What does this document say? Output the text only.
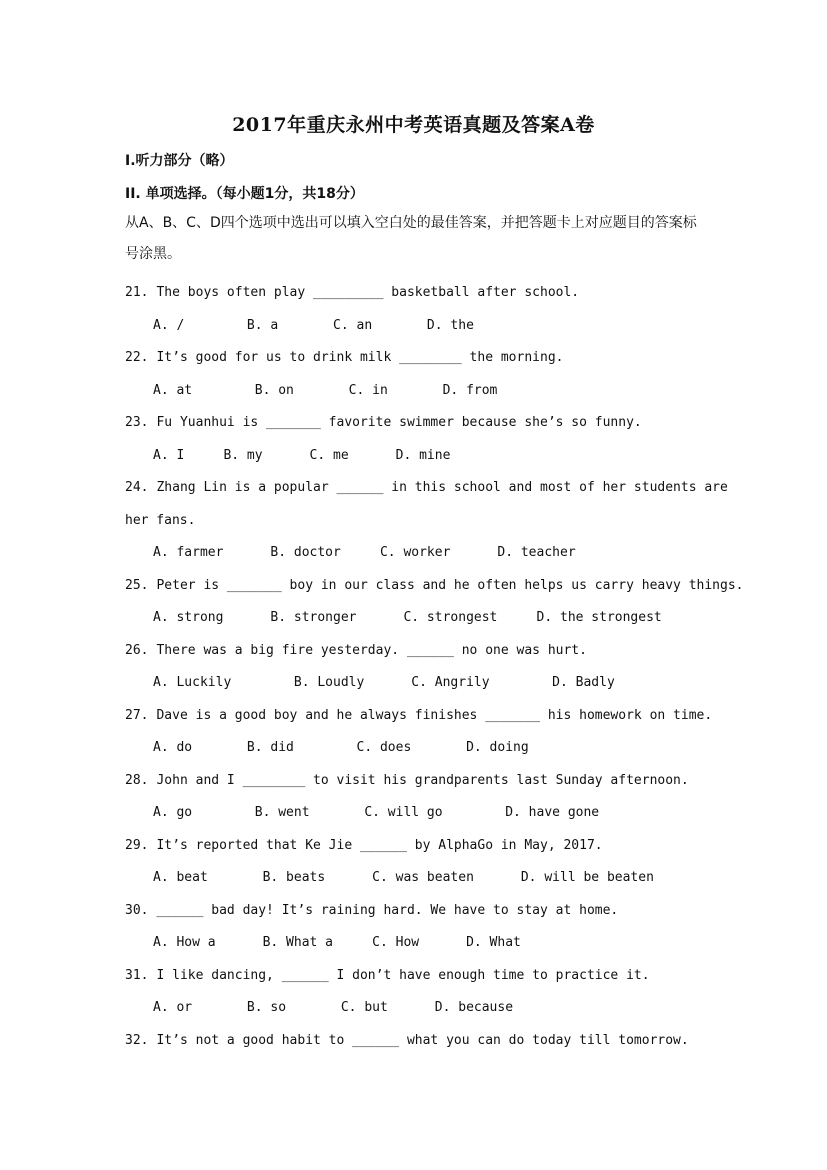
2017年重庆永州中考英语真题及答案A卷
I.听力部分（略）
II. 单项选择。（每小题1分，共18分）
从A、B、C、D四个选项中选出可以填入空白处的最佳答案，并把答题卡上对应题目的答案标号涂黑。
21. The boys often play _________ basketball after school.
A. /        B. a       C. an       D. the
22. It’s good for us to drink milk ________ the morning.
A. at        B. on       C. in       D. from
23. Fu Yuanhui is _______ favorite swimmer because she’s so funny.
A. I     B. my      C. me      D. mine
24. Zhang Lin is a popular ______ in this school and most of her students are
her fans.
A. farmer      B. doctor     C. worker      D. teacher
25. Peter is _______ boy in our class and he often helps us carry heavy things.
A. strong      B. stronger      C. strongest     D. the strongest
26. There was a big fire yesterday. ______ no one was hurt.
A. Luckily        B. Loudly      C. Angrily        D. Badly
27. Dave is a good boy and he always finishes _______ his homework on time.
A. do       B. did        C. does       D. doing
28. John and I ________ to visit his grandparents last Sunday afternoon.
A. go        B. went       C. will go        D. have gone
29. It’s reported that Ke Jie ______ by AlphaGo in May, 2017.
A. beat       B. beats      C. was beaten      D. will be beaten
30. ______ bad day! It’s raining hard. We have to stay at home.
A. How a      B. What a     C. How      D. What
31. I like dancing, ______ I don’t have enough time to practice it.
A. or       B. so       C. but      D. because
32. It’s not a good habit to ______ what you can do today till tomorrow.
